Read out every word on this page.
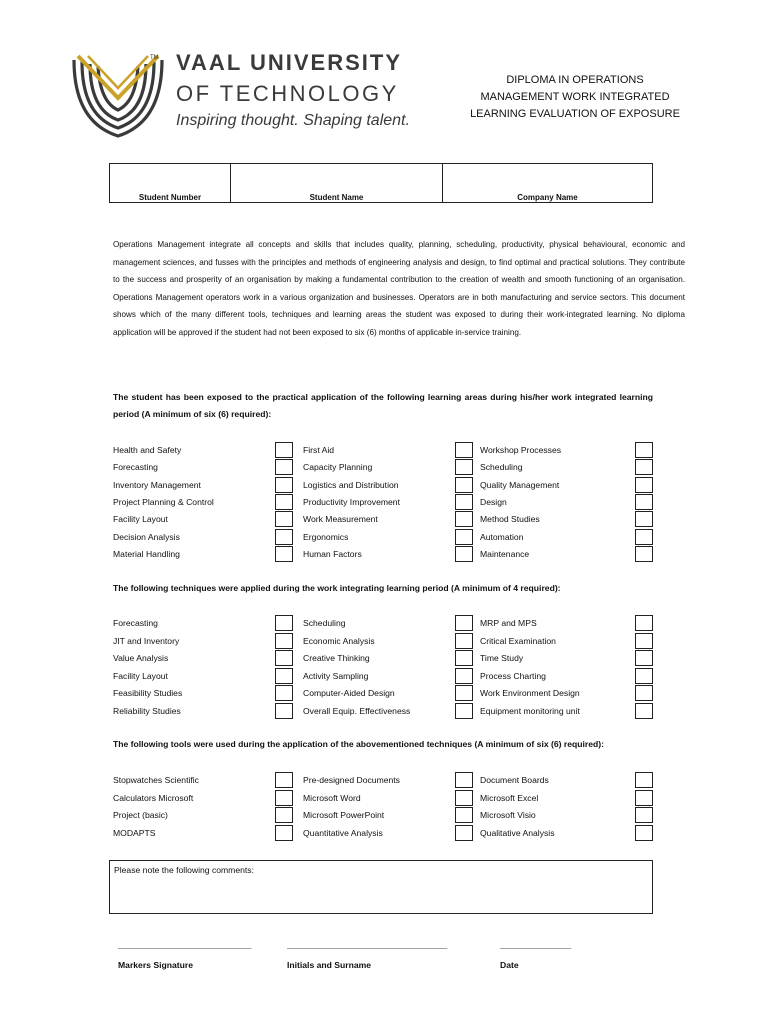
TM VAAL UNIVERSITY
OF TECHNOLOGY
Inspiring thought. Shaping talent.
DIPLOMA IN OPERATIONS
MANAGEMENT WORK INTEGRATED
LEARNING EVALUATION OF EXPOSURE
Student Number	Student Name	Company Name
Operations Management integrate all concepts and skills that includes quality, planning, scheduling, productivity, physical behavioural, economic and management sciences, and fusses with the principles and methods of engineering analysis and design, to find optimal and practical solutions. They contribute to the success and prosperity of an organisation by making a fundamental contribution to the creation of wealth and smooth functioning of an organisation. Operations Management operators work in a various organization and businesses. Operators are in both manufacturing and service sectors. This document shows which of the many different tools, techniques and learning areas the student was exposed to during their work-integrated learning. No diploma application will be approved if the student had not been exposed to six (6) months of applicable in-service training.
The student has been exposed to the practical application of the following learning areas during his/her work integrated learning period (A minimum of six (6) required):
Health and Safety	First Aid	Workshop Processes
Forecasting	Capacity Planning	Scheduling
Inventory Management	Logistics and Distribution	Quality Management
Project Planning & Control	Productivity Improvement	Design
Facility Layout	Work Measurement	Method Studies
Decision Analysis	Ergonomics	Automation
Material Handling	Human Factors	Maintenance
The following techniques were applied during the work integrating learning period (A minimum of 4 required):
Forecasting	Scheduling	MRP and MPS
JIT and Inventory	Economic Analysis	Critical Examination
Value Analysis	Creative Thinking	Time Study
Facility Layout	Activity Sampling	Process Charting
Feasibility Studies	Computer-Aided Design	Work Environment Design
Reliability Studies	Overall Equip. Effectiveness	Equipment monitoring unit
The following tools were used during the application of the abovementioned techniques (A minimum of six (6) required):
Stopwatches Scientific	Pre-designed Documents	Document Boards
Calculators Microsoft	Microsoft Word	Microsoft Excel
Project (basic)	Microsoft PowerPoint	Microsoft Visio
MODAPTS	Quantitative Analysis	Qualitative Analysis
Please note the following comments:
______________________________	____________________________________	________________
Markers Signature	Initials and Surname	Date
